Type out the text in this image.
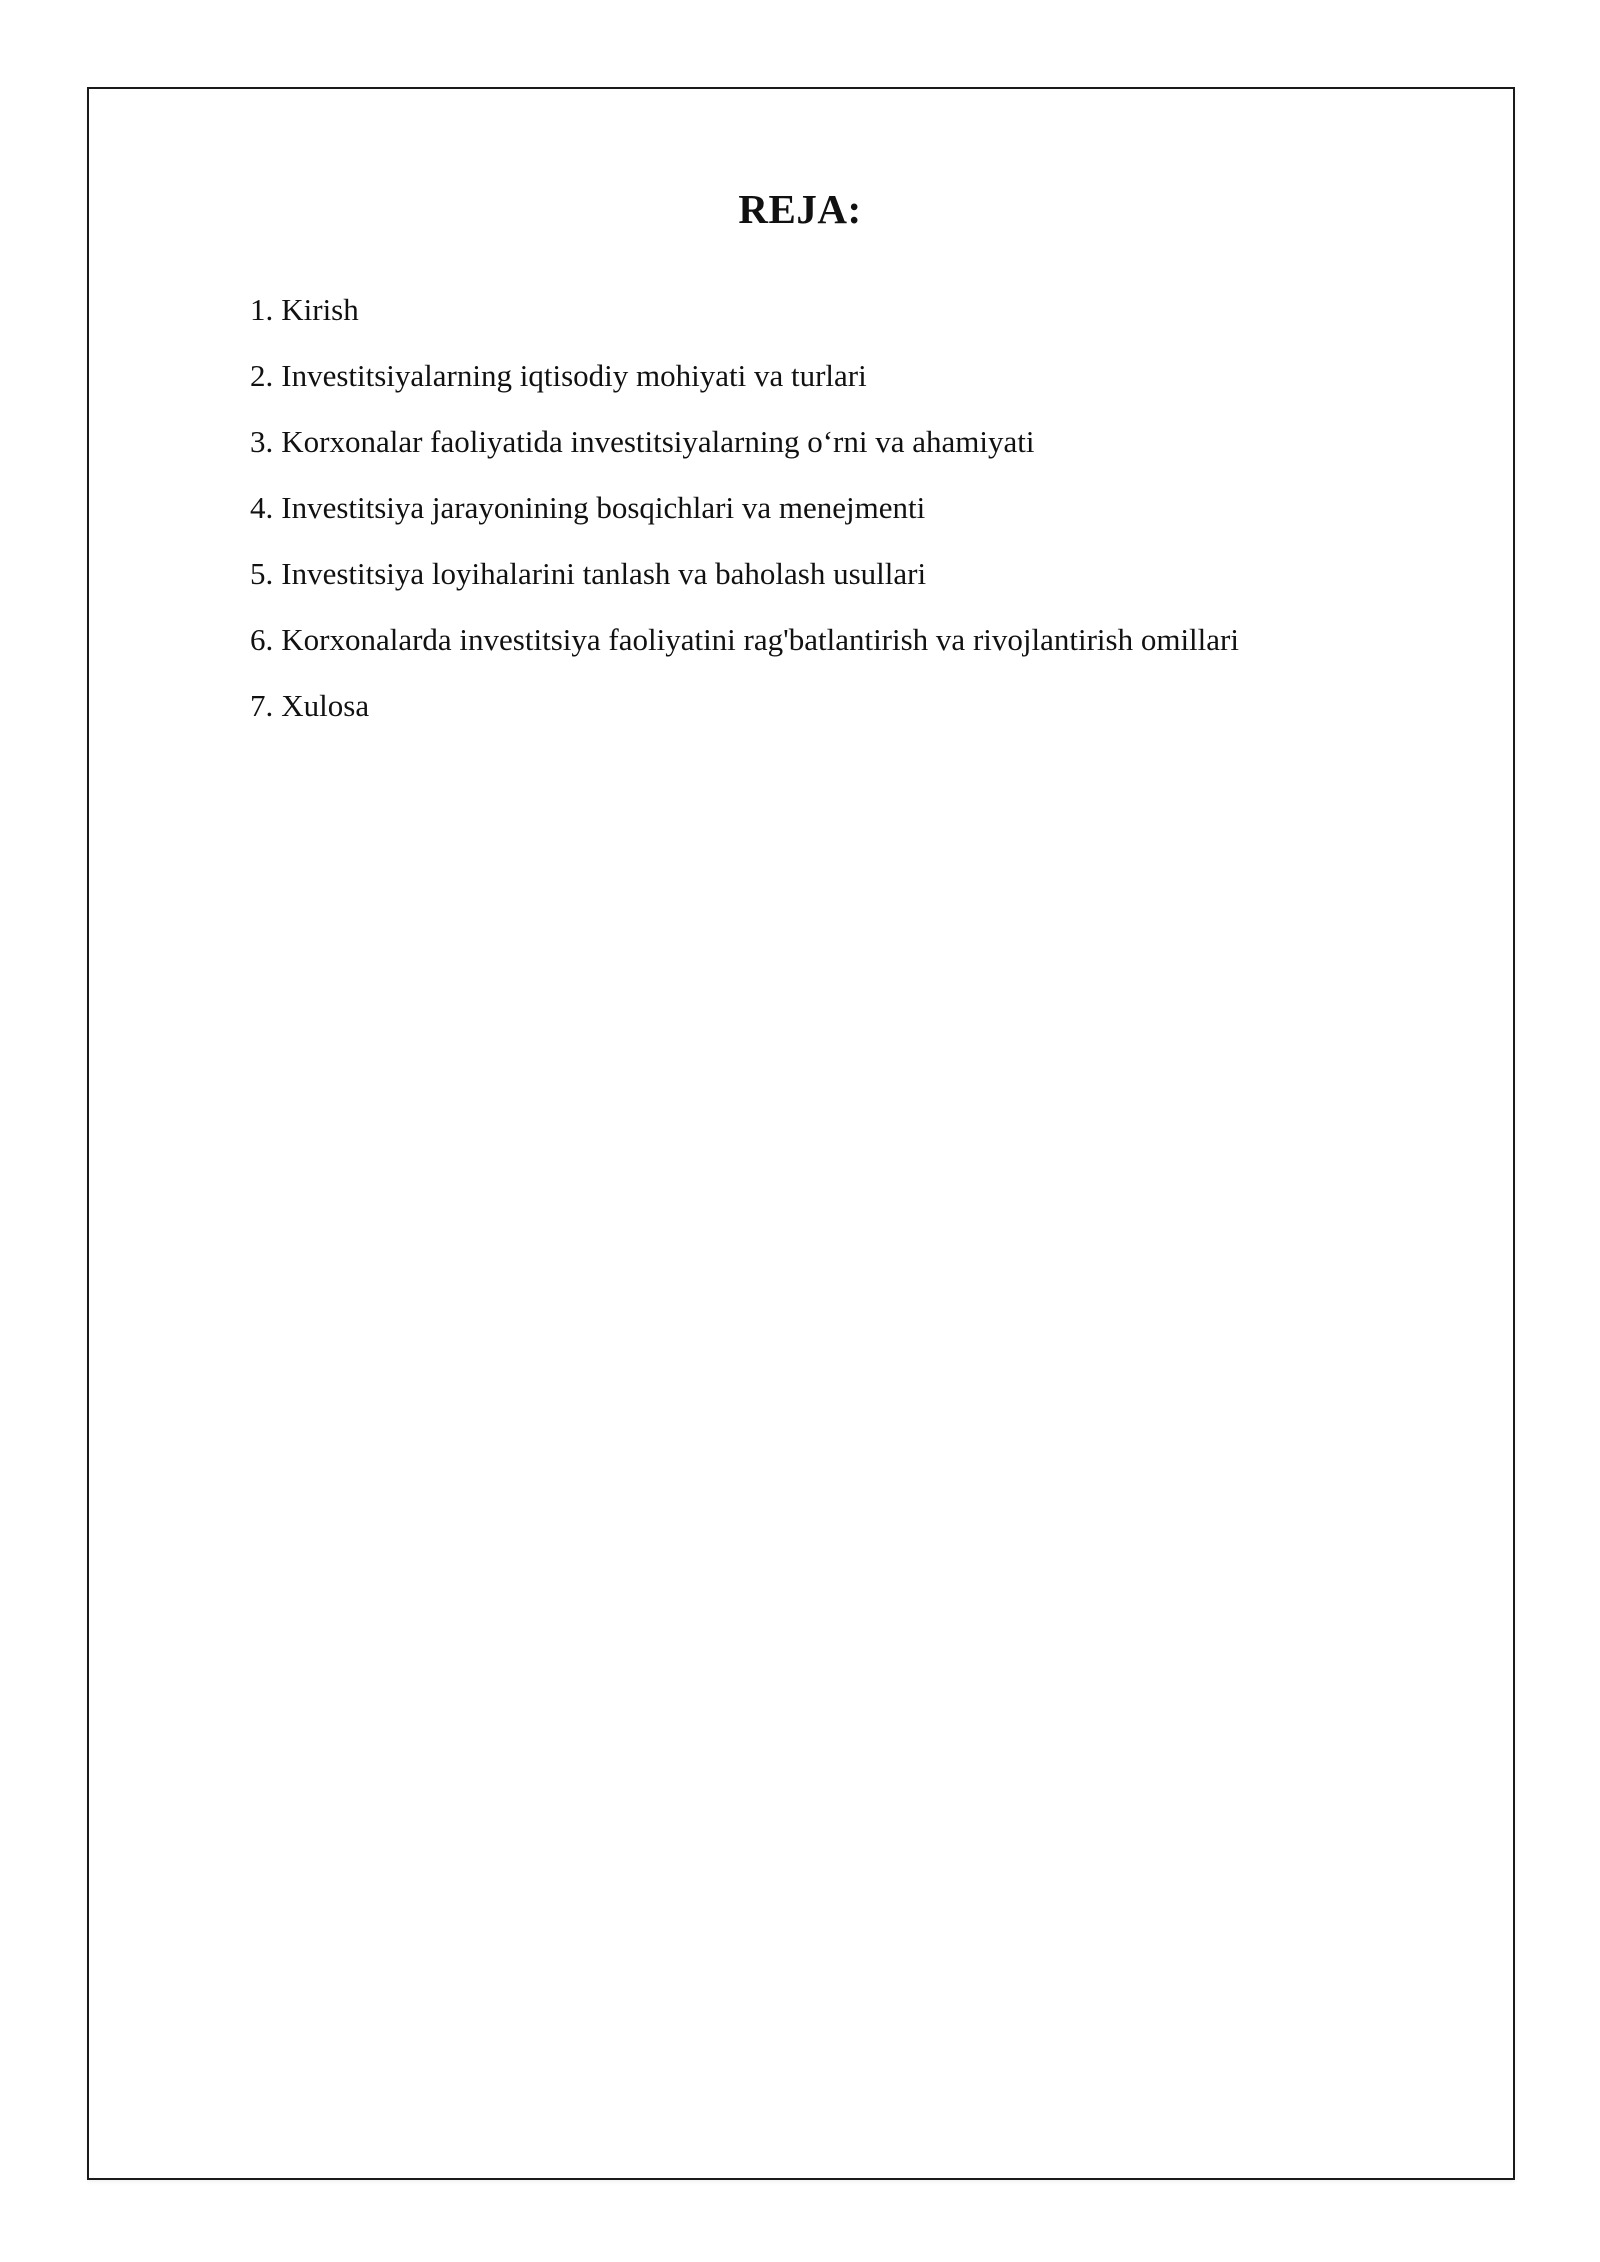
REJA:
1. Kirish
2. Investitsiyalarning iqtisodiy mohiyati va turlari
3. Korxonalar faoliyatida investitsiyalarning o‘rni va ahamiyati
4. Investitsiya jarayonining bosqichlari va menejmenti
5. Investitsiya loyihalarini tanlash va baholash usullari
6. Korxonalarda investitsiya faoliyatini rag'batlantirish va rivojlantirish omillari
7. Xulosa
